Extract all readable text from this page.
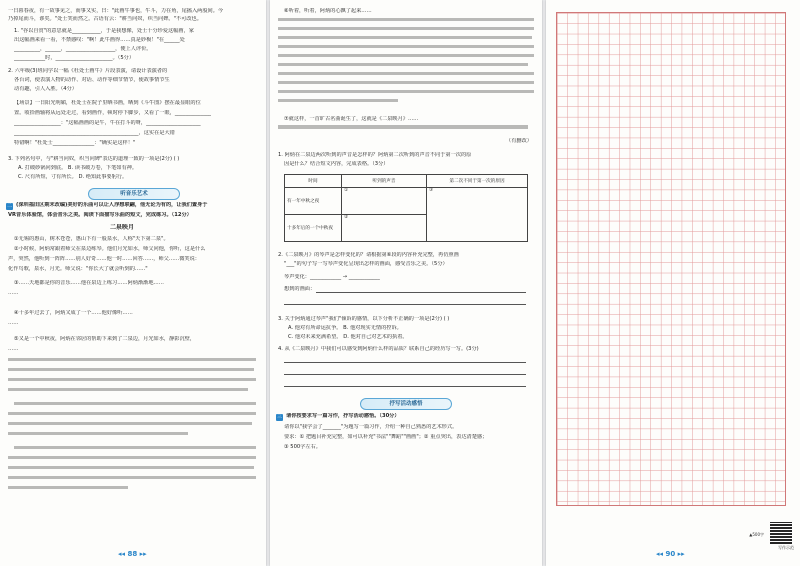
一日暮春夜，有一故事见之，而事又实，曰："此画牛事也，牛斗，力在角，尾搐入两股间。今
乃掉尾而斗，谬矣。"处士笑而然之。古语有云："耕当问奴，织当问婢。"不可改也。
1. "谷以自赏"的意思就是___________，于是我想像，处士十分珍爱这幅画，家
出这幅画来看一看，不禁感叹："啊！此牛画得……真是妙极！"在______处
__________，______，___________________，便上人评价。
____________时，______________________。（5分）
2. 六年级(3)班同学以一幅《杜处士画牛》片段表演，请设计表演者的
各台词，使表演人物的动作、对话、动作等细节情节，使故事情节生
动有趣，引人入胜。（4分）
【场景】一日阳光明媚，杜处士在院子里晒书画，晒到《斗牛图》摆在最显眼的位
置。收拾画轴将从远处走过，看到画作，顿时停下脚步，又看了一眼，______________
__________________："这幅画画的是牛，牛在打斗的呀，_____________________
________________________________________________，这实在是大错
特错啊！"杜处士________________："确实是这样！"
3. 下列名句中，与"耕当问奴，织当问婢"表达的道理一致的一项是(2分) ( )
A. 打破砂锅问到底。 B. 读书破万卷，下笔如有神。
C. 尺有所短，寸有所长。 D. 绝知此事要躬行。
听音乐艺术
二 (深圳福田区期末改编)美好的乐曲可以让人浮想联翩，他无论为有的，让我们置身于
VR音乐体验馆，体会音乐之美。阅读下面描写乐曲的短文，完成练习。（12分）
二泉映月
①无锡的惠山，树木苍苍，惠山下有一股泉水，人称"天下第二泉"。
②小时候，阿炳常跟着师父在泉边练琴。他们月光如水，师父问他，你听，这是什么
声，突然，他听到一阵阵……别人好奇……他一时……回答……，师父……微笑说：
化作鸟歌，泉水，月光。师父说："你长大了就会听到的……"
③……天地都是你的音乐……他在泉边上练习……阿炳渐渐地……
……
④十多年过去了，阿炳又成了一个……他好像听……
……
⑤又是一个中秋夜，阿炳在邻居的帮助下来到了二泉边，月光如水，静影沉壁，
……
◂◂ 88 ▸▸
⑥听着，听着，阿炳的心飘了起来……
⑦就这样，一首旷古名曲诞生了，这就是《二泉映月》……
（有删改）
1. 阿炳在二泉边两次听到的声音是怎样的？阿炳第二次听到的声音不同于第一次的原
因是什么？结合短文内容，完成表格。（3分）
时间	听到的声音	第二次不同于第一次的原因
有一年中秋之夜	①	③
十多年后的一个中秋夜	②	
2.《二泉映月》的琴声是怎样变化的？请根据第⑥段的内容补充完整，再仿照画
"___"的句子写一写琴声变化呈现出怎样的画面，感受音乐之美。（5分）
琴声变化：____________ → ____________
想到的画面：
3. 关于阿炳通过琴声"我们"倾诉的感情，以下分析不正确的一项是(2分) ( )
A. 他对有所命运抗争。 B. 他对现实无情的控诉。
C. 他对未来充满希望。 D. 他对自己对艺术的执着。
4. 从《二泉映月》中我们可以感受到阿炳什么样的品质？联系自己的经历写一写。(3分)
抒写活动感悟
三 请你按要求写一篇习作，抒写活动感悟。（30分）
请你以"我学会了_______"为题写一篇习作，介绍一种自己熟悉的艺术形式。
要求：① 把题目补充完整，如可以补充"书法""舞蹈""画画"；② 重点突出，表达清楚感；
③ 500字左右。
▲500字
写作示范
◂◂ 90 ▸▸
